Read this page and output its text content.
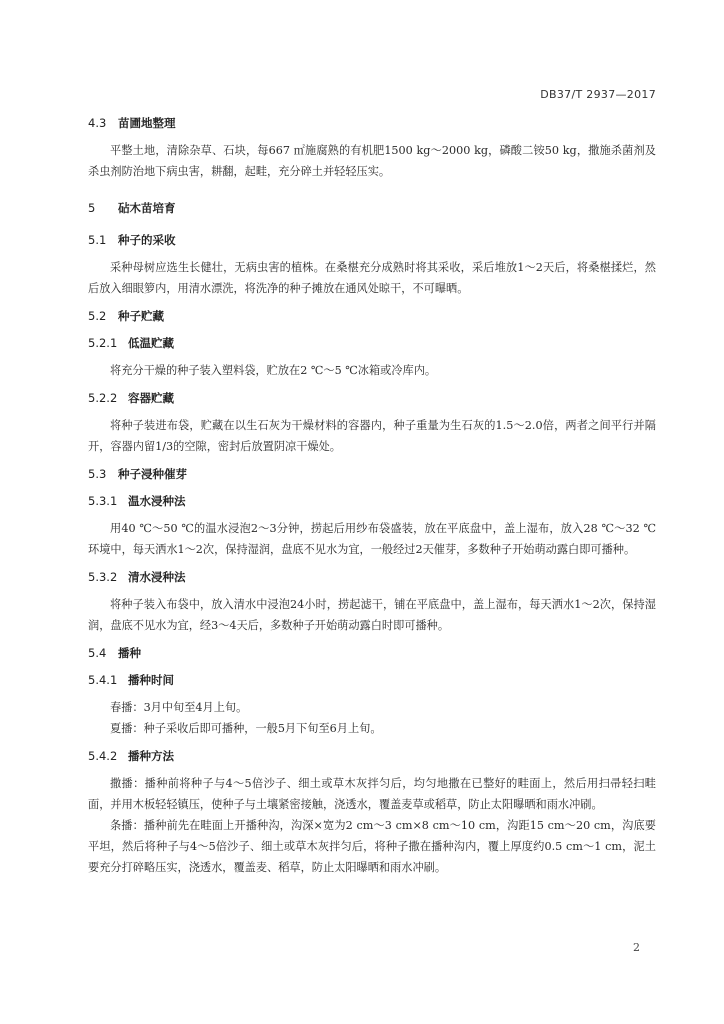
DB37/T 2937—2017
4.3 苗圃地整理

平整土地，清除杂草、石块，每667 ㎡施腐熟的有机肥1500 kg～2000 kg，磷酸二铵50 kg，撒施杀菌剂及杀虫剂防治地下病虫害，耕翻，起畦，充分碎土并轻轻压实。

5 砧木苗培育
5.1 种子的采收

采种母树应选生长健壮，无病虫害的植株。在桑椹充分成熟时将其采收，采后堆放1～2天后，将桑椹揉烂，然后放入细眼箩内，用清水漂洗，将洗净的种子摊放在通风处晾干，不可曝晒。

5.2 种子贮藏
5.2.1 低温贮藏

将充分干燥的种子装入塑料袋，贮放在2 ℃～5 ℃冰箱或冷库内。

5.2.2 容器贮藏

将种子装进布袋，贮藏在以生石灰为干燥材料的容器内，种子重量为生石灰的1.5～2.0倍，两者之间平行并隔开，容器内留1/3的空隙，密封后放置阴凉干燥处。

5.3 种子浸种催芽
5.3.1 温水浸种法

用40 ℃～50 ℃的温水浸泡2～3分钟，捞起后用纱布袋盛装，放在平底盘中，盖上湿布，放入28 ℃～32 ℃环境中，每天洒水1～2次，保持湿润，盘底不见水为宜，一般经过2天催芽，多数种子开始萌动露白即可播种。

5.3.2 清水浸种法

将种子装入布袋中，放入清水中浸泡24小时，捞起滤干，铺在平底盘中，盖上湿布，每天洒水1～2次，保持湿润，盘底不见水为宜，经3～4天后，多数种子开始萌动露白时即可播种。

5.4 播种
5.4.1 播种时间

春播：3月中旬至4月上旬。

夏播：种子采收后即可播种，一般5月下旬至6月上旬。

5.4.2 播种方法

撒播：播种前将种子与4～5倍沙子、细土或草木灰拌匀后，均匀地撒在已整好的畦面上，然后用扫帚轻扫畦面，并用木板轻轻镇压，使种子与土壤紧密接触，浇透水，覆盖麦草或稻草，防止太阳曝晒和雨水冲刷。

条播：播种前先在畦面上开播种沟，沟深×宽为2 cm～3 cm×8 cm～10 cm，沟距15 cm～20 cm，沟底要平坦，然后将种子与4～5倍沙子、细土或草木灰拌匀后，将种子撒在播种沟内，覆上厚度约0.5 cm～1 cm，泥土要充分打碎略压实，浇透水，覆盖麦、稻草，防止太阳曝晒和雨水冲刷。

2
